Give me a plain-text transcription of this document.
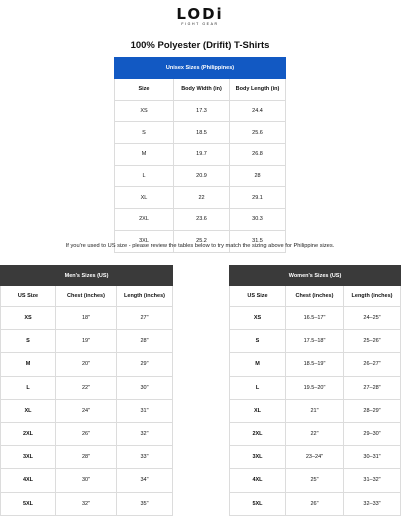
LODi
FIGHT GEAR
100% Polyester (Drifit) T-Shirts
Unisex Sizes (Philippines)		
Size	Body Width (in)	Body Length (in)
XS	17.3	24.4
S	18.5	25.6
M	19.7	26.8
L	20.9	28
XL	22	29.1
2XL	23.6	30.3
3XL	25.2	31.5
If you're used to US size - please review the tables below to try match the sizing above for Philippine sizes.
Men's Sizes (US)		
US Size	Chest (inches)	Length (inches)
XS	18"	27"
S	19"	28"
M	20"	29"
L	22"	30"
XL	24"	31"
2XL	26"	32"
3XL	28"	33"
4XL	30"	34"
5XL	32"	35"
Women's Sizes (US)		
US Size	Chest (inches)	Length (inches)
XS	16.5–17"	24–25"
S	17.5–18"	25–26"
M	18.5–19"	26–27"
L	19.5–20"	27–28"
XL	21"	28–29"
2XL	22"	29–30"
3XL	23–24"	30–31"
4XL	25"	31–32"
5XL	26"	32–33"
